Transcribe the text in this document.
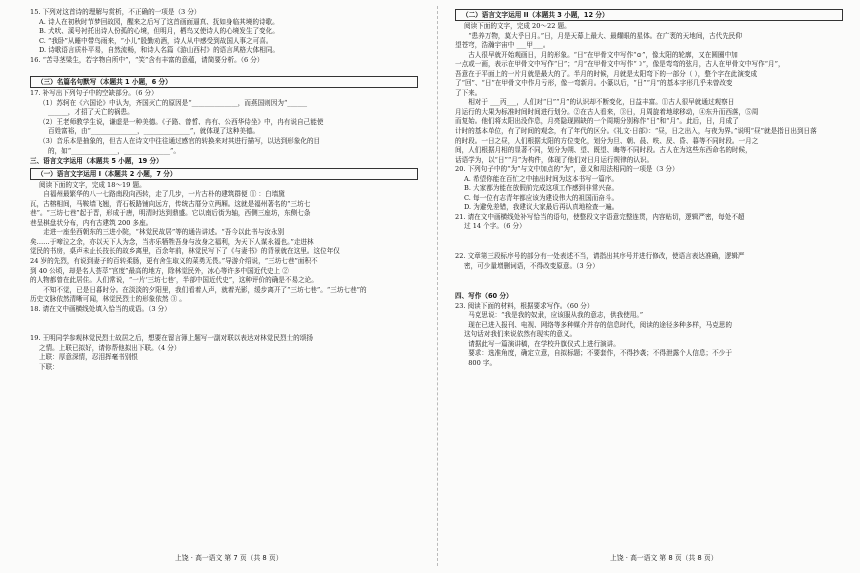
15. 下列对这首诗的理解与赏析，不正确的一项是（3 分）
A. 诗人在初秋时节梦回故园，醒来之后写了这首画面逼真、抚如身临其境的诗歌。
B. 犬吠、溪号衬托出诗人份孤的心境，但明月，栖鸟又使诗人的心境发生了变化。
C. “我卧”从睡中带鸟雨来，“小儿”股勤劝酒，诗人从中感受到故国人事之可喜。
D. 诗歌语言质朴平易，自然流畅，和诗人名篇《游山西村》的语言风格大体相同。
16. “苦寻茎梁生，若字物自所中”，“笑”含有丰富的意蕴，请简要分析。（6 分）
（三）名篇名句默写（本题共 1 小题，6 分）
17. 补写出下列句子中的空缺部分。（6 分）
（1）苏轲在《六国论》中认为，齐国灭亡的原因是“______________，而燕国则因为“______
______，才招了天亡的祸患。
（2）王老师教学生说，谦虚是一种美德。《子路、曾皙、冉有、公西华侍坐》中，冉有说自己能使
百姓富裕，由“______________，______________”，就体现了这种美德。
（3）音乐本是抽象的，但古人在诗文中往往通过感官的转换来对其进行描写，以达到形象化的目
的，如“______________，______________”。
三、语言文字运用（本题共 5 小题，19 分）
（一）语言文字运用 I（本题共 2 小题，7 分）
阅读下面的文字，完成 18～19 题。
自福州最繁华的八一七路南段向西转，走了几步，一片古朴的建筑群便 ① ：白墙黛
瓦，古榕相间，马鞍墙飞翘，青石板路铺向远方，传统古厝分立两厢。这就是福州著名的“三坊七
巷”。“三坊七巷”起于晋，形成于唐，明清时达到鼎盛。它以南后街为轴，西侧三座坊，东侧七条
巷呈棋盘状分布，内有古建筑 200 多座。
走进一座坐西朝东的三进小院，“林觉民故居”等的通告讲述。“吾今以此书与汝永别
矣……于啼泣之余，亦以天下人为念，当亦乐牺牲吾身与汝身之福利，为天下人谋永福也。”走进林
觉民的书房，桌声未止长技长的故乡离里，百余年前，林觉民写下了《与妻书》的背景就在这里。这位年仅
24 岁的先烈，有说到妻子的百转柔肠，更有舍生取义的菜勇无畏。”导游介绍说，“三坊七巷”面积不
到 40 公顷，却是名人荟萃“宫度”最高的地方，除林觉民外，冰心等许多中国近代史上 ②
的人物都曾在此居住。人们常说，“一片‘三坊七巷’，半部中国近代史”，这种评价的确是不易之论。
不知不觉，已是日暮时分。在淡淡的夕阳里，我们看着人声，就着光影，缓步离开了“三坊七巷”。“三坊七巷”的
历史文脉依然清晰可闻，林觉民烈士的形象依然 ③ 。
18. 请在文中画横线处填入恰当的成语。（3 分）
19. 王明同学参观林觉民烈士故居之后，想要在留言簿上题写一副对联以表达对林觉民烈士的颂扬
之情。上联已拟好，请你帮他拟出下联。（4 分）
上联：厚意深情，忍泪挥毫书别恨
下联：
（二）语言文字运用 II（本题共 3 小题，12 分）
阅读下面的文字，完成 20～22 题。
“患养万物，莫大乎日月。”日，月是天幕上最大、最耀眼的星体。在广袤的天地间，古代先民仰
望苍穹，浩瀚宇宙中 ___甲___。
古人很早就开始观画日，月的形象。“日”在甲骨文中写作“⊙”，像太阳的轮廓，又在圆圈中加
一点或一画，表示在甲骨文中写作“日”；“月”在甲骨文中写作“☽”，像是弯弯的弦月，古人在甲骨文中写作“月”，
吾意在于平面上的一片月就是最大的了。半月的时候，月就是太阳弯下的一部分（ ），整个字在此演变成
了“回”、“日”在甲骨文中作月亏形，像一弯新月。小篆以后，“日”“月”的基本字形几乎未曾改变
了下来。
相对于 ___丙___，人们对“日”“月”的认识却不断变化，日益丰富。①古人很早就通过观察日
月运行的大果为标准时间时间进行划分。②在古人看来，③日，月周旋着地球移动，④东升而西落，⑤周
而复始。他们将太阳出没作息，月亮隐现圆缺的一个周期分别称作“日”和“月”。此后，日，月成了
计时的基本单位，有了时间的观念，有了年代的区分。《礼文·日部》：“昼，日之出入，与夜为界。”说明“昼”就是指日出到日落
的时段。一日之昼，人们根据太阳的方位变化，划分为旦、朝、晨、昳、昃、昏、暮等不同时段。一月之
间，人们根据月相的显著不同，划分为朔、望、既望、晦等不同时段。古人在为这些东西命名的时候，
话语学为，以“日”“月”为构件，体现了他们对日月运行规律的认识。
20. 下列句子中的“为”与文中加点的“为”，意义和用法相同的一项是（3 分）
A. 希望你能在百忙之中抽出时间为这本书写一篇序。
B. 大家都为能在放假前完成这项工作感到非常兴奋。
C. 每一位有志青年都应该为建设伟大的祖国而奋斗。
D. 为避免差错，我建议大家最后再认真地检查一遍。
21. 请在文中画横线处补写恰当的语句，使整段文字语意完整连贯，内容贴切，逻辑严密，每处不超
过 14 个字。（6 分）
22. 文章第三段标序号的部分有一处表述不当，请指出其序号并进行修改，使语言表达准确，逻辑严
密，可少量增删词语，不得改变原意。（3 分）
四、写作（60 分）
23. 阅读下面的材料，根据要求写作。（60 分）
马克思说：“我是我的奴隶，应该服从我的意志，供我使用。”
现在已进入报刊、电视、网络等多种媒介并存的信息时代，阅读的途径多种多样，马克思的
这句话对我们来说依然有现实的意义。
请据此写一篇演讲稿，在学校升旗仪式上进行演讲。
要求：选准角度，确定立意，自拟标题；不要套作，不得抄袭；不得泄露个人信息；不少于
800 字。
上饶 · 高一语文 第 7 页（共 8 页）	上饶 · 高一语文 第 8 页（共 8 页）
